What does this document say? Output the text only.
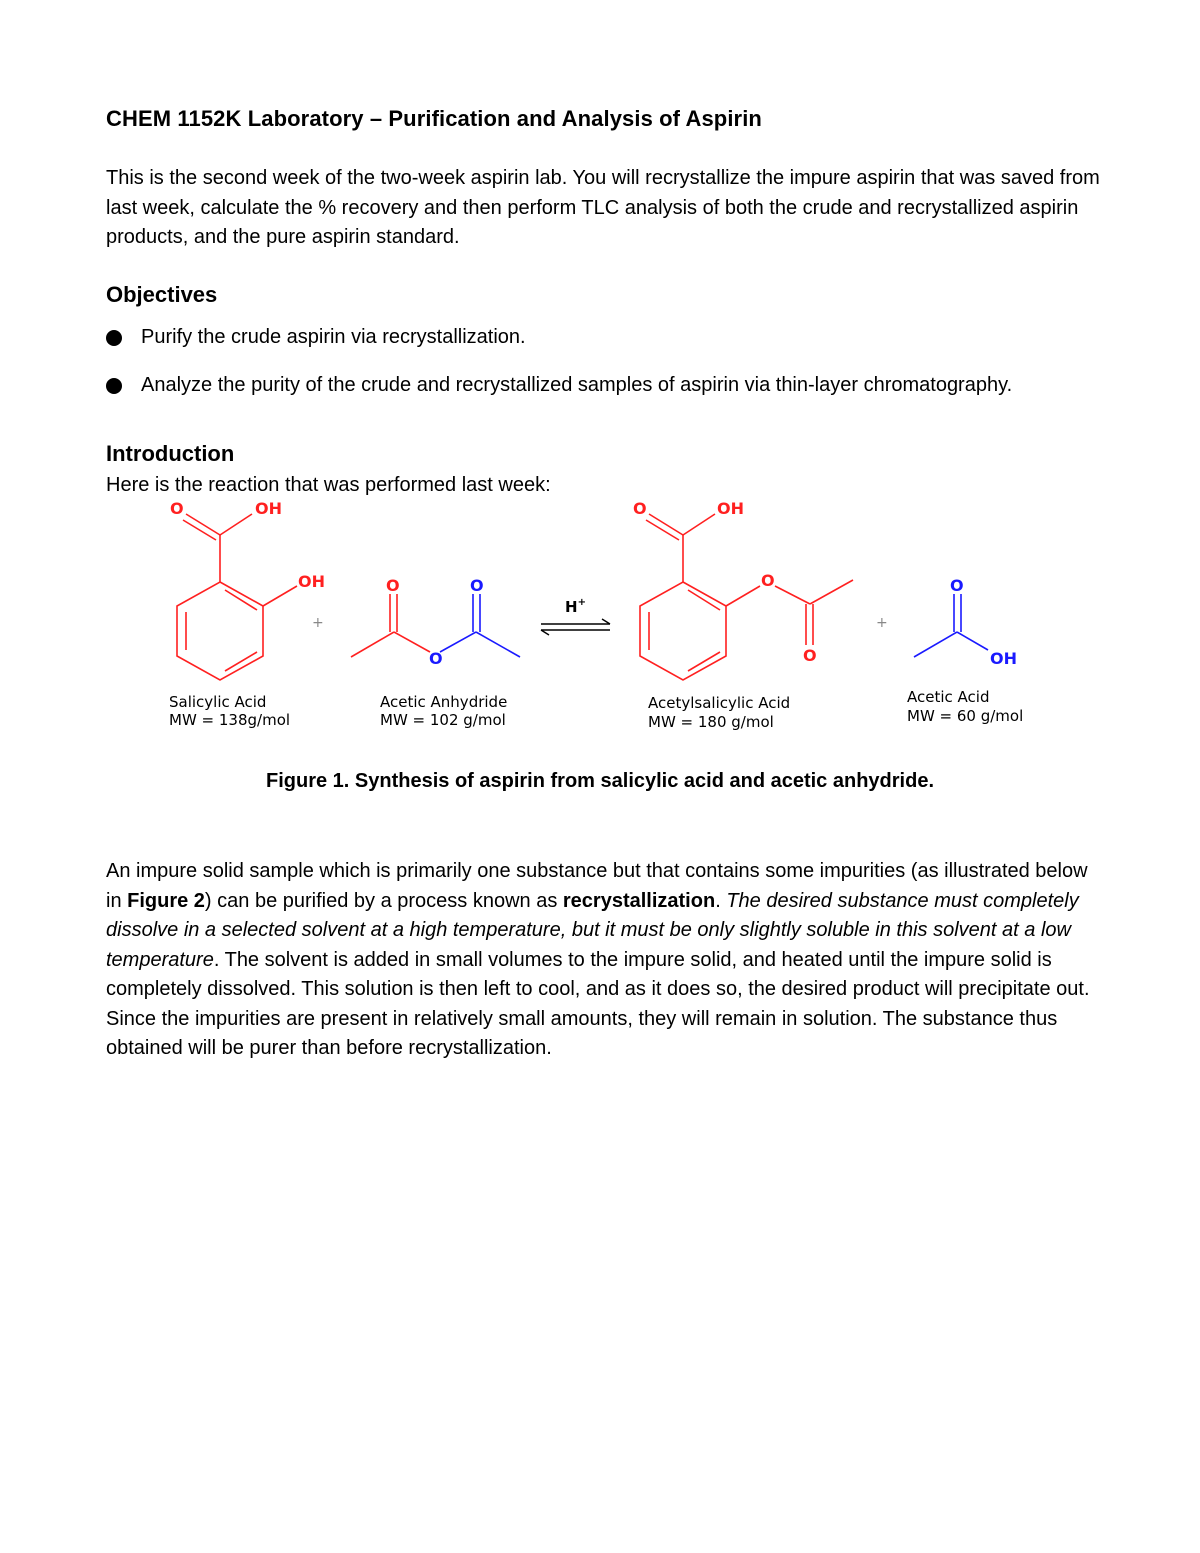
CHEM 1152K Laboratory – Purification and Analysis of Aspirin

This is the second week of the two-week aspirin lab. You will recrystallize the impure aspirin that was saved from last week, calculate the % recovery and then perform TLC analysis of both the crude and recrystallized aspirin products, and the pure aspirin standard.

Objectives
Purify the crude aspirin via recrystallization.
Analyze the purity of the crude and recrystallized samples of aspirin via thin-layer chromatography.
Introduction

Here is the reaction that was performed last week:

O	OH
OH
+
O
O
O
H+
O	OH
O
O
+
O
OH
Salicylic Acid
MW = 138g/mol
Acetic Anhydride
MW = 102 g/mol
Acetylsalicylic Acid
MW = 180 g/mol
Acetic Acid
MW = 60 g/mol

Figure 1. Synthesis of aspirin from salicylic acid and acetic anhydride.

An impure solid sample which is primarily one substance but that contains some impurities (as illustrated below in Figure 2) can be purified by a process known as recrystallization. The desired substance must completely dissolve in a selected solvent at a high temperature, but it must be only slightly soluble in this solvent at a low temperature. The solvent is added in small volumes to the impure solid, and heated until the impure solid is completely dissolved. This solution is then left to cool, and as it does so, the desired product will precipitate out. Since the impurities are present in relatively small amounts, they will remain in solution. The substance thus obtained will be purer than before recrystallization.
